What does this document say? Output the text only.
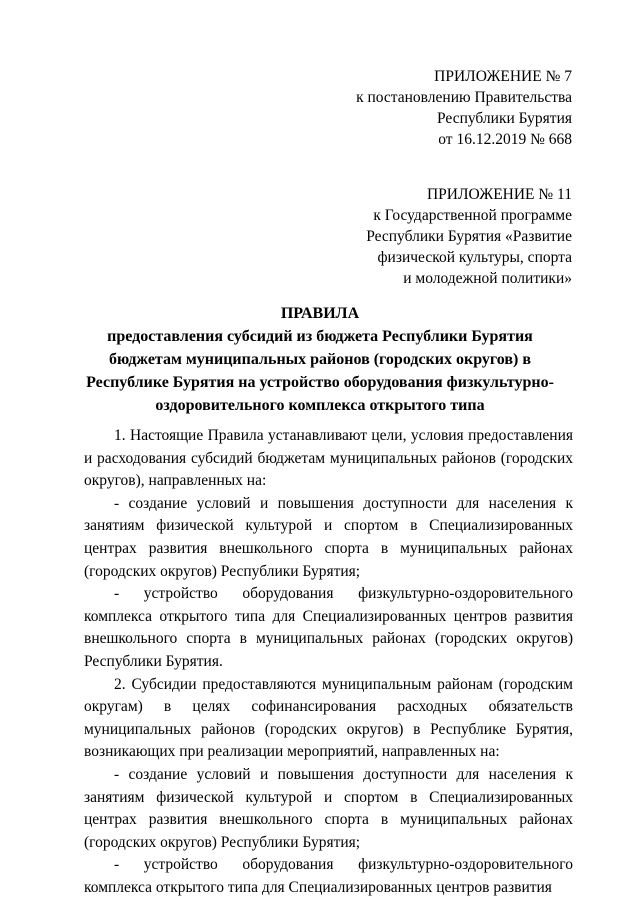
ПРИЛОЖЕНИЕ № 7
к постановлению Правительства
Республики Бурятия
от 16.12.2019 № 668
ПРИЛОЖЕНИЕ № 11
к Государственной программе
Республики Бурятия «Развитие
физической культуры, спорта
и молодежной политики»
ПРАВИЛА
предоставления субсидий из бюджета Республики Бурятия бюджетам муниципальных районов (городских округов) в Республике Бурятия на устройство оборудования физкультурно-оздоровительного комплекса открытого типа

1. Настоящие Правила устанавливают цели, условия предоставления и расходования субсидий бюджетам муниципальных районов (городских округов), направленных на:

- создание условий и повышения доступности для населения к занятиям физической культурой и спортом в Специализированных центрах развития внешкольного спорта в муниципальных районах (городских округов) Республики Бурятия;

- устройство оборудования физкультурно-оздоровительного комплекса открытого типа для Специализированных центров развития внешкольного спорта в муниципальных районах (городских округов) Республики Бурятия.

2. Субсидии предоставляются муниципальным районам (городским округам) в целях софинансирования расходных обязательств муниципальных районов (городских округов) в Республике Бурятия, возникающих при реализации мероприятий, направленных на:

- создание условий и повышения доступности для населения к занятиям физической культурой и спортом в Специализированных центрах развития внешкольного спорта в муниципальных районах (городских округов) Республики Бурятия;

- устройство оборудования физкультурно-оздоровительного комплекса открытого типа для Специализированных центров развития
